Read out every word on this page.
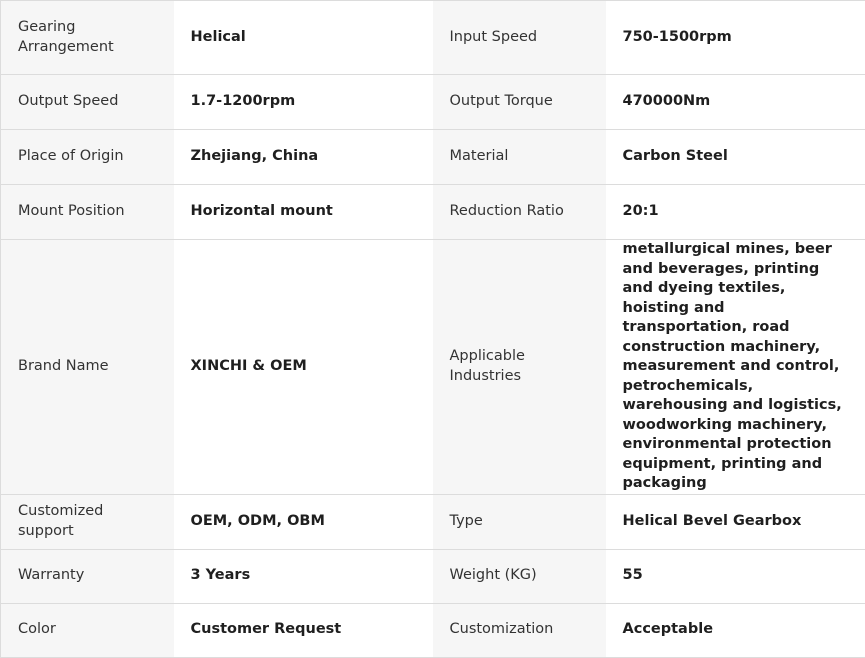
Gearing Arrangement	Helical	Input Speed	750-1500rpm
Output Speed	1.7-1200rpm	Output Torque	470000Nm
Place of Origin	Zhejiang, China	Material	Carbon Steel
Mount Position	Horizontal mount	Reduction Ratio	20:1
Brand Name	XINCHI & OEM	Applicable Industries	metallurgical mines, beer and beverages, printing and dyeing textiles, hoisting and transportation, road construction machinery, measurement and control, petrochemicals, warehousing and logistics, woodworking machinery, environmental protection equipment, printing and packaging
Customized support	OEM, ODM, OBM	Type	Helical Bevel Gearbox
Warranty	3 Years	Weight (KG)	55
Color	Customer Request	Customization	Acceptable
